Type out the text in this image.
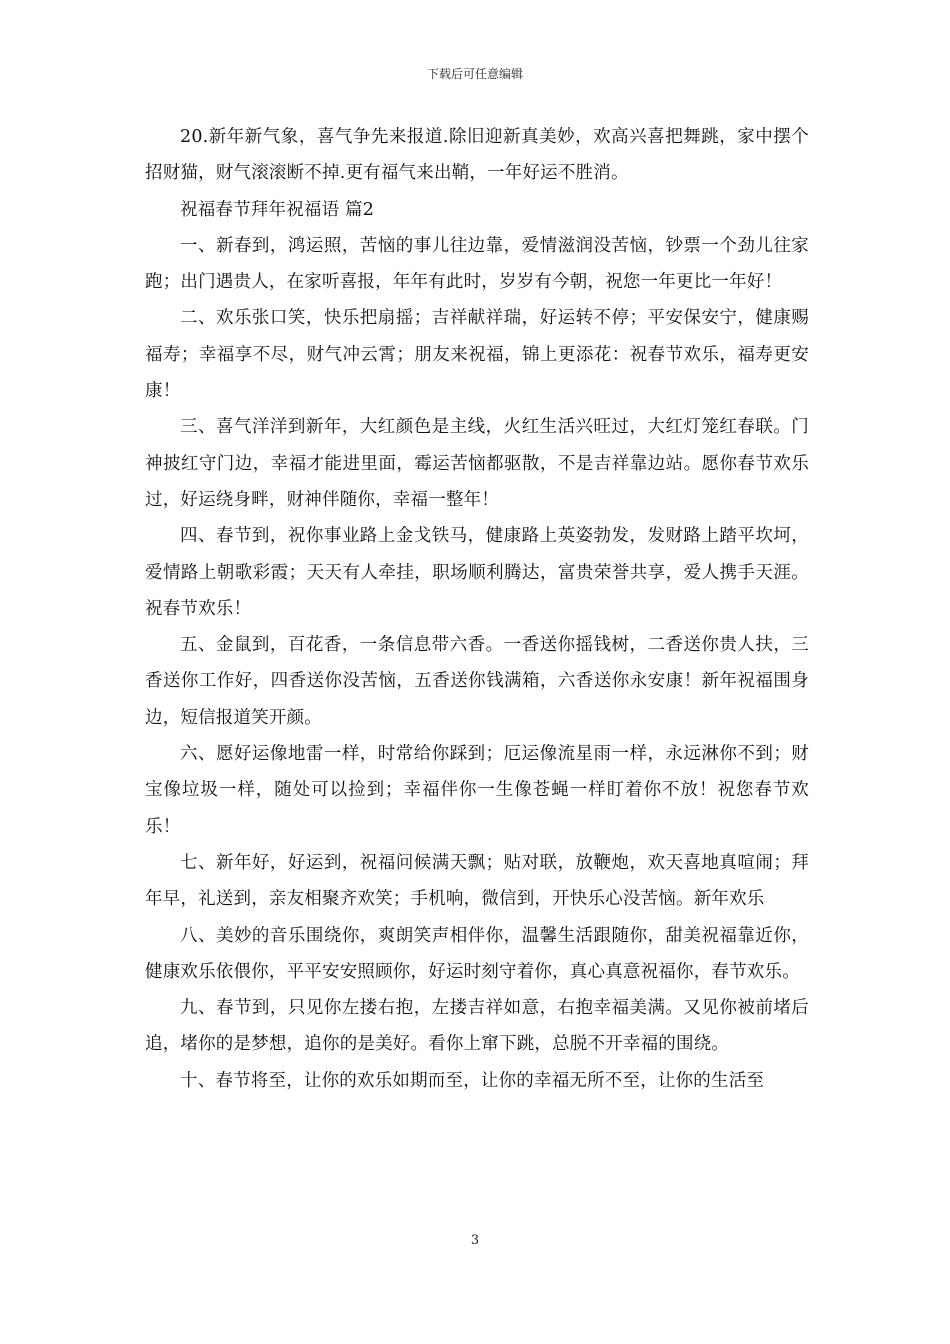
下载后可任意编辑

20.新年新气象，喜气争先来报道.除旧迎新真美妙，欢高兴喜把舞跳，家中摆个招财猫，财气滚滚断不掉.更有福气来出鞘，一年好运不胜消。

祝福春节拜年祝福语 篇2

一、新春到，鸿运照，苦恼的事儿往边靠，爱情滋润没苦恼，钞票一个劲儿往家跑；出门遇贵人，在家听喜报，年年有此时，岁岁有今朝，祝您一年更比一年好！

二、欢乐张口笑，快乐把扇摇；吉祥献祥瑞，好运转不停；平安保安宁，健康赐福寿；幸福享不尽，财气冲云霄；朋友来祝福，锦上更添花：祝春节欢乐，福寿更安康！

三、喜气洋洋到新年，大红颜色是主线，火红生活兴旺过，大红灯笼红春联。门神披红守门边，幸福才能进里面，霉运苦恼都驱散，不是吉祥靠边站。愿你春节欢乐过，好运绕身畔，财神伴随你，幸福一整年！

四、春节到，祝你事业路上金戈铁马，健康路上英姿勃发，发财路上踏平坎坷，爱情路上朝歌彩霞；天天有人牵挂，职场顺利腾达，富贵荣誉共享，爱人携手天涯。祝春节欢乐！

五、金鼠到，百花香，一条信息带六香。一香送你摇钱树，二香送你贵人扶，三香送你工作好，四香送你没苦恼，五香送你钱满箱，六香送你永安康！新年祝福围身边，短信报道笑开颜。

六、愿好运像地雷一样，时常给你踩到；厄运像流星雨一样，永远淋你不到；财宝像垃圾一样，随处可以捡到；幸福伴你一生像苍蝇一样盯着你不放！祝您春节欢乐！

七、新年好，好运到，祝福问候满天飘；贴对联，放鞭炮，欢天喜地真喧闹；拜年早，礼送到，亲友相聚齐欢笑；手机响，微信到，开快乐心没苦恼。新年欢乐

八、美妙的音乐围绕你，爽朗笑声相伴你，温馨生活跟随你，甜美祝福靠近你，健康欢乐依偎你，平平安安照顾你，好运时刻守着你，真心真意祝福你，春节欢乐。

九、春节到，只见你左搂右抱，左搂吉祥如意，右抱幸福美满。又见你被前堵后追，堵你的是梦想，追你的是美好。看你上窜下跳，总脱不开幸福的围绕。

十、春节将至，让你的欢乐如期而至，让你的幸福无所不至，让你的生活至

3
